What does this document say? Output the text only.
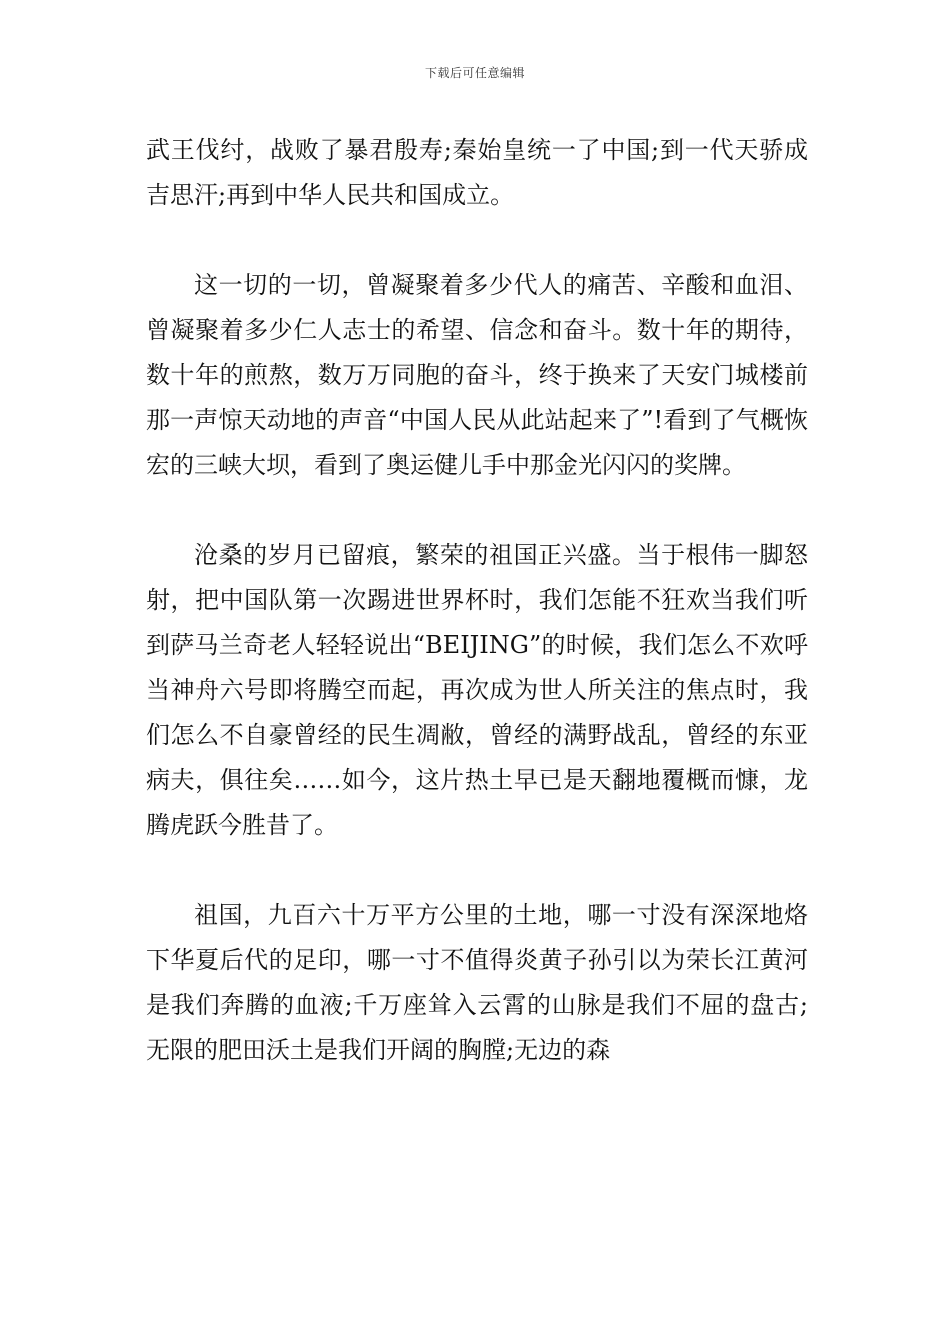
下载后可任意编辑

武王伐纣，战败了暴君殷寿;秦始皇统一了中国;到一代天骄成吉思汗;再到中华人民共和国成立。

这一切的一切，曾凝聚着多少代人的痛苦、辛酸和血泪、曾凝聚着多少仁人志士的希望、信念和奋斗。数十年的期待，数十年的煎熬，数万万同胞的奋斗，终于换来了天安门城楼前那一声惊天动地的声音“中国人民从此站起来了”!看到了气概恢宏的三峡大坝，看到了奥运健儿手中那金光闪闪的奖牌。

沧桑的岁月已留痕，繁荣的祖国正兴盛。当于根伟一脚怒射，把中国队第一次踢进世界杯时，我们怎能不狂欢当我们听到萨马兰奇老人轻轻说出“BEIJING”的时候，我们怎么不欢呼当神舟六号即将腾空而起，再次成为世人所关注的焦点时，我们怎么不自豪曾经的民生凋敝，曾经的满野战乱，曾经的东亚病夫，俱往矣……如今，这片热土早已是天翻地覆概而慷，龙腾虎跃今胜昔了。

祖国，九百六十万平方公里的土地，哪一寸没有深深地烙下华夏后代的足印，哪一寸不值得炎黄子孙引以为荣长江黄河是我们奔腾的血液;千万座耸入云霄的山脉是我们不屈的盘古;无限的肥田沃土是我们开阔的胸膛;无边的森
